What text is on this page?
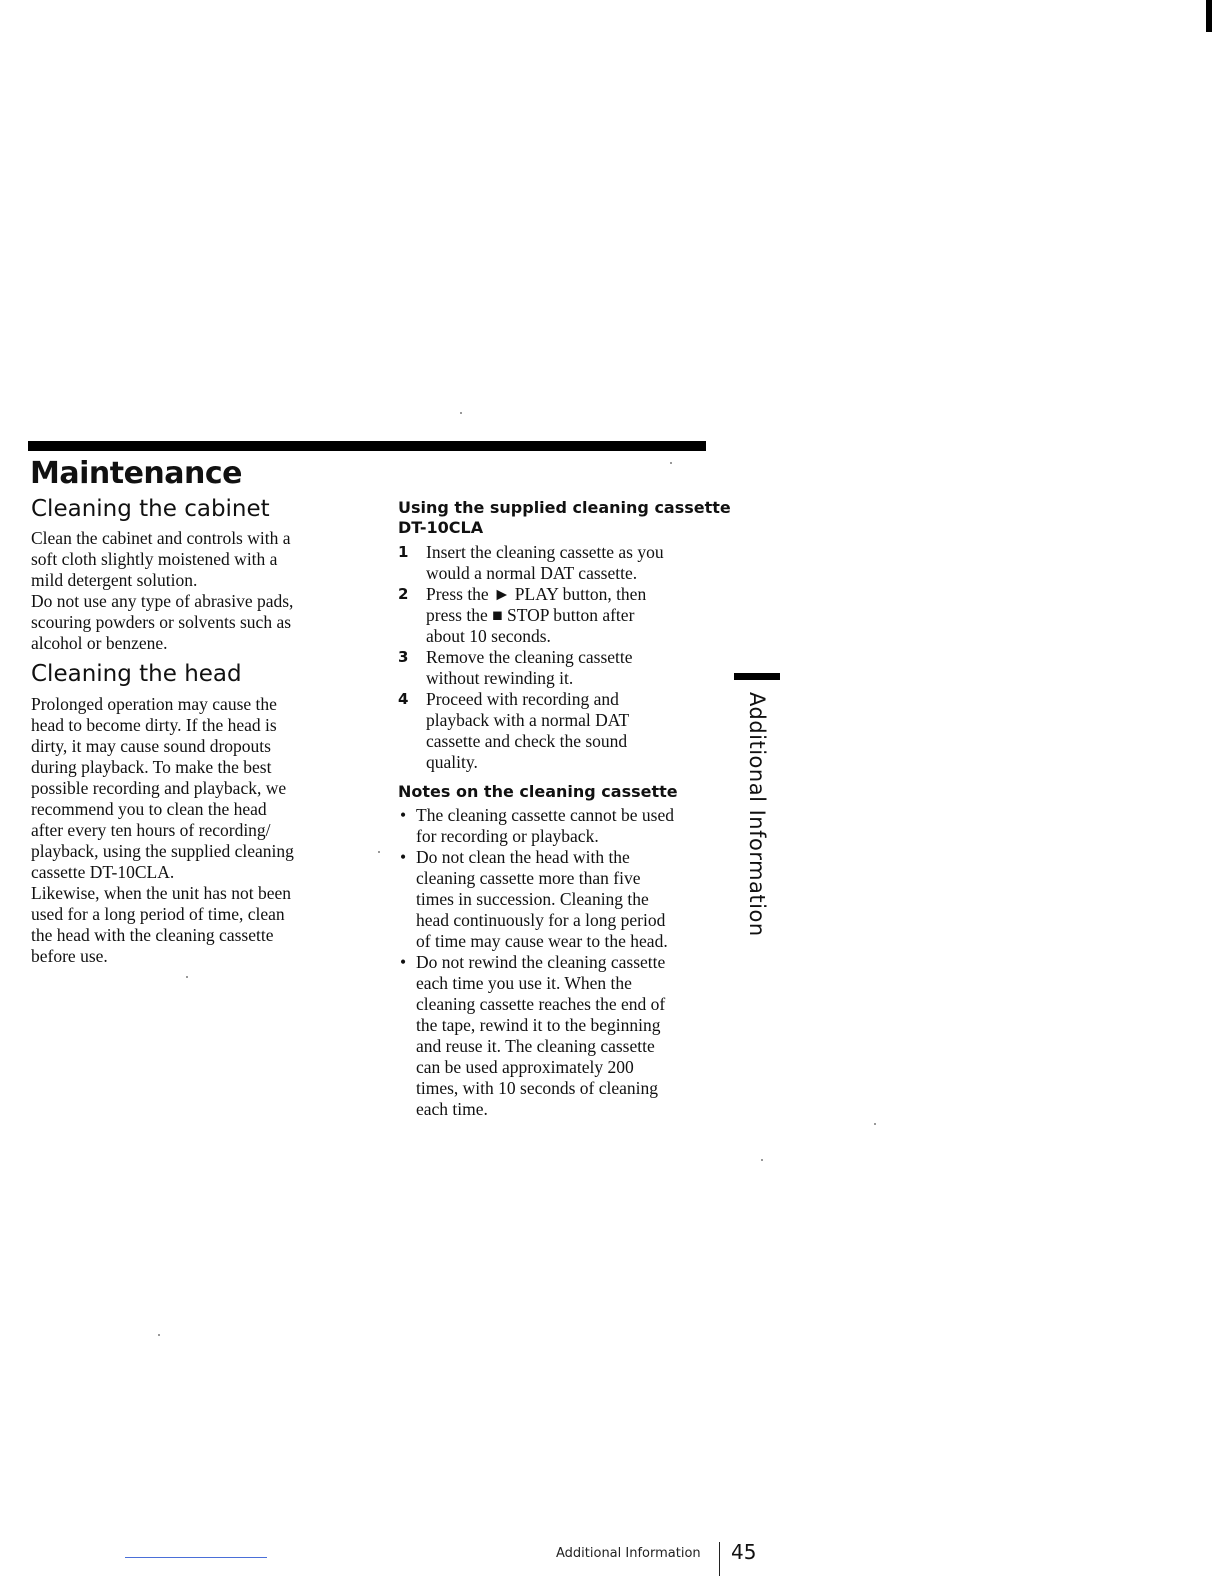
Maintenance
Cleaning the cabinet

Clean the cabinet and controls with a
soft cloth slightly moistened with a
mild detergent solution.
Do not use any type of abrasive pads,
scouring powders or solvents such as
alcohol or benzene.

Cleaning the head

Prolonged operation may cause the
head to become dirty. If the head is
dirty, it may cause sound dropouts
during playback. To make the best
possible recording and playback, we
recommend you to clean the head
after every ten hours of recording/
playback, using the supplied cleaning
cassette DT-10CLA.
Likewise, when the unit has not been
used for a long period of time, clean
the head with the cleaning cassette
before use.

Using the supplied cleaning cassette
DT-10CLA
1 Insert the cleaning cassette as you
would a normal DAT cassette.
2 Press the ► PLAY button, then
press the ■ STOP button after
about 10 seconds.
3 Remove the cleaning cassette
without rewinding it.
4 Proceed with recording and
playback with a normal DAT
cassette and check the sound
quality.
Notes on the cleaning cassette
• The cleaning cassette cannot be used
for recording or playback.
• Do not clean the head with the
cleaning cassette more than five
times in succession. Cleaning the
head continuously for a long period
of time may cause wear to the head.
• Do not rewind the cleaning cassette
each time you use it. When the
cleaning cassette reaches the end of
the tape, rewind it to the beginning
and reuse it. The cleaning cassette
can be used approximately 200
times, with 10 seconds of cleaning
each time.
Additional Information
Additional Information 45
